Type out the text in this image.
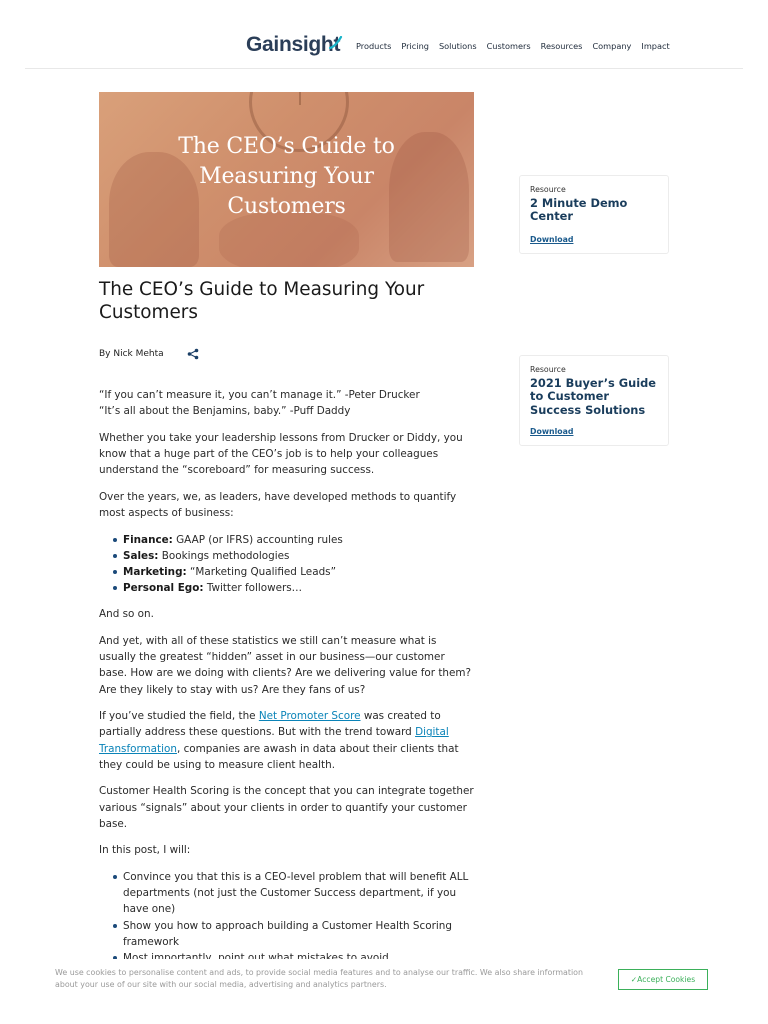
Gainsight Products Pricing Solutions Customers Resources Company Impact
The CEO’s Guide to
Measuring Your
Customers
The CEO’s Guide to Measuring Your Customers
By Nick Mehta

“If you can’t measure it, you can’t manage it.” -Peter Drucker
“It’s all about the Benjamins, baby.” -Puff Daddy

Whether you take your leadership lessons from Drucker or Diddy, you know that a huge part of the CEO’s job is to help your colleagues understand the “scoreboard” for measuring success.

Over the years, we, as leaders, have developed methods to quantify most aspects of business:

Finance: GAAP (or IFRS) accounting rules
Sales: Bookings methodologies
Marketing: “Marketing Qualified Leads”
Personal Ego: Twitter followers…

And so on.

And yet, with all of these statistics we still can’t measure what is usually the greatest “hidden” asset in our business—our customer base. How are we doing with clients? Are we delivering value for them? Are they likely to stay with us? Are they fans of us?

If you’ve studied the field, the Net Promoter Score was created to partially address these questions. But with the trend toward Digital Transformation, companies are awash in data about their clients that they could be using to measure client health.

Customer Health Scoring is the concept that you can integrate together various “signals” about your clients in order to quantify your customer base.

In this post, I will:

Convince you that this is a CEO-level problem that will benefit ALL departments (not just the Customer Success department, if you have one)
Show you how to approach building a Customer Health Scoring framework
Resource
2 Minute Demo Center
Download
Resource
2021 Buyer’s Guide to Customer Success Solutions
Download
We use cookies to personalise content and ads, to provide social media features and to analyse our traffic. We also share information about your use of our site with our social media, advertising and analytics partners.
✓Accept Cookies
